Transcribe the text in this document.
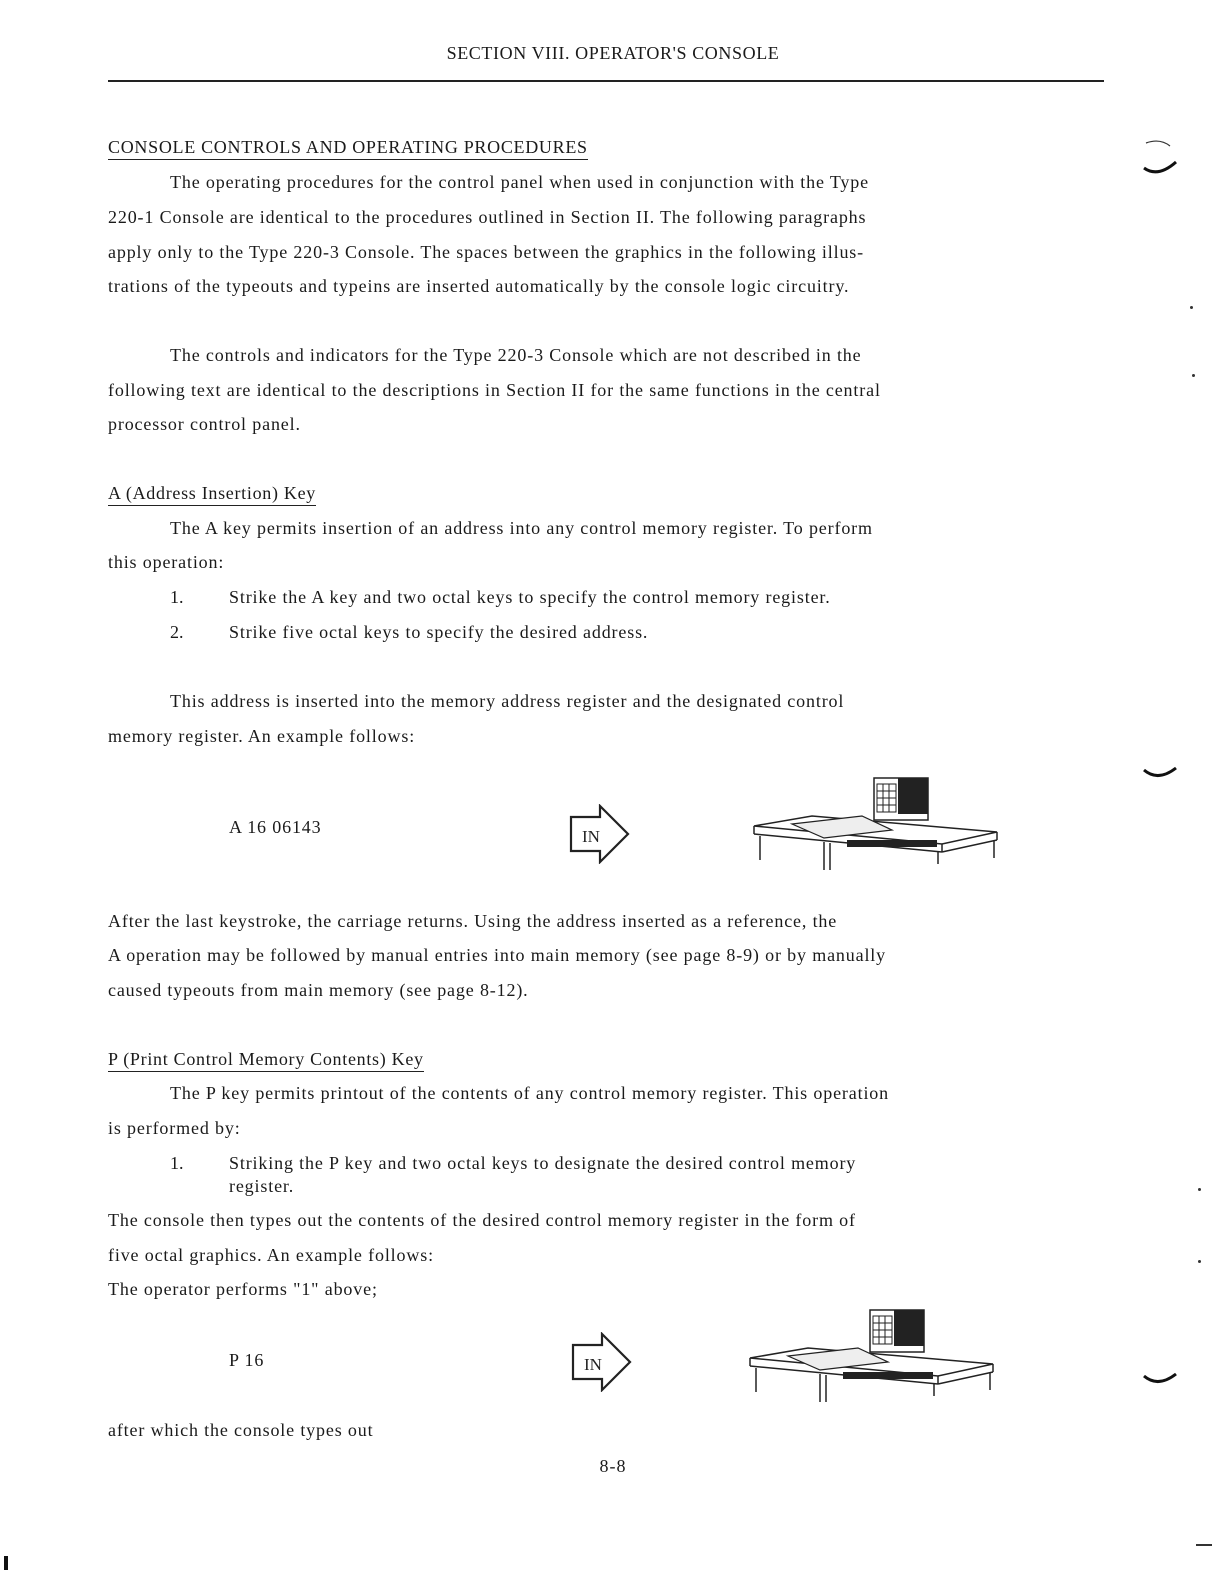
SECTION VIII. OPERATOR'S CONSOLE
CONSOLE CONTROLS AND OPERATING PROCEDURES
The operating procedures for the control panel when used in conjunction with the Type
220-1 Console are identical to the procedures outlined in Section II. The following paragraphs
apply only to the Type 220-3 Console. The spaces between the graphics in the following illus-
trations of the typeouts and typeins are inserted automatically by the console logic circuitry.
The controls and indicators for the Type 220-3 Console which are not described in the
following text are identical to the descriptions in Section II for the same functions in the central
processor control panel.
A (Address Insertion) Key
The A key permits insertion of an address into any control memory register. To perform
this operation:
1.	Strike the A key and two octal keys to specify the control memory register.
2.	Strike five octal keys to specify the desired address.
This address is inserted into the memory address register and the designated control
memory register. An example follows:
A 16 06143	IN
After the last keystroke, the carriage returns. Using the address inserted as a reference, the
A operation may be followed by manual entries into main memory (see page 8-9) or by manually
caused typeouts from main memory (see page 8-12).
P (Print Control Memory Contents) Key
The P key permits printout of the contents of any control memory register. This operation
is performed by:
1.	Striking the P key and two octal keys to designate the desired control memory
register.
The console then types out the contents of the desired control memory register in the form of
five octal graphics. An example follows:
The operator performs "1" above;
P 16	IN
after which the console types out
8-8
